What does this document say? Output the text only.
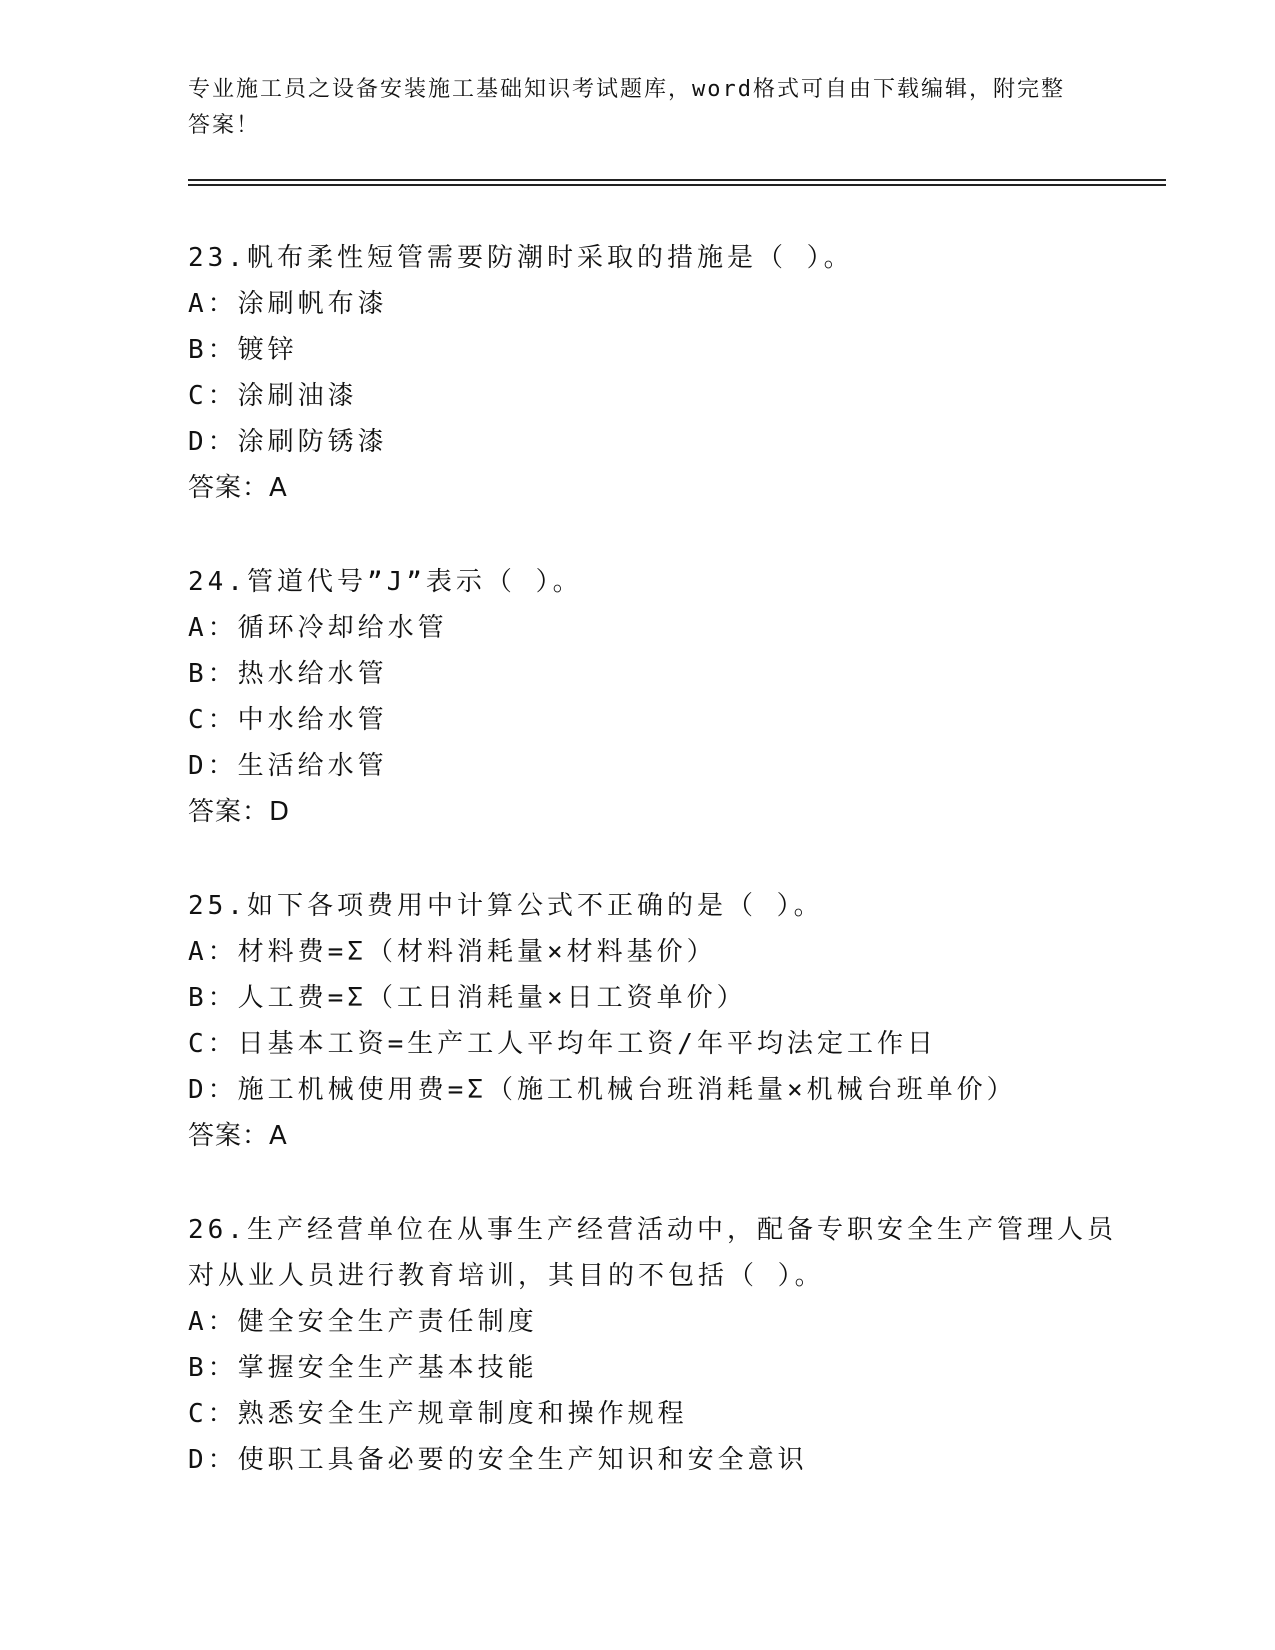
专业施工员之设备安装施工基础知识考试题库，word格式可自由下载编辑，附完整答案！
23.帆布柔性短管需要防潮时采取的措施是（ ）。
A：涂刷帆布漆
B：镀锌
C：涂刷油漆
D：涂刷防锈漆
答案：A
24.管道代号”J”表示（ ）。
A：循环冷却给水管
B：热水给水管
C：中水给水管
D：生活给水管
答案：D
25.如下各项费用中计算公式不正确的是（ ）。
A：材料费=Σ（材料消耗量×材料基价）
B：人工费=Σ（工日消耗量×日工资单价）
C：日基本工资=生产工人平均年工资/年平均法定工作日
D：施工机械使用费=Σ（施工机械台班消耗量×机械台班单价）
答案：A
26.生产经营单位在从事生产经营活动中，配备专职安全生产管理人员对从业人员进行教育培训，其目的不包括（ ）。
A：健全安全生产责任制度
B：掌握安全生产基本技能
C：熟悉安全生产规章制度和操作规程
D：使职工具备必要的安全生产知识和安全意识
